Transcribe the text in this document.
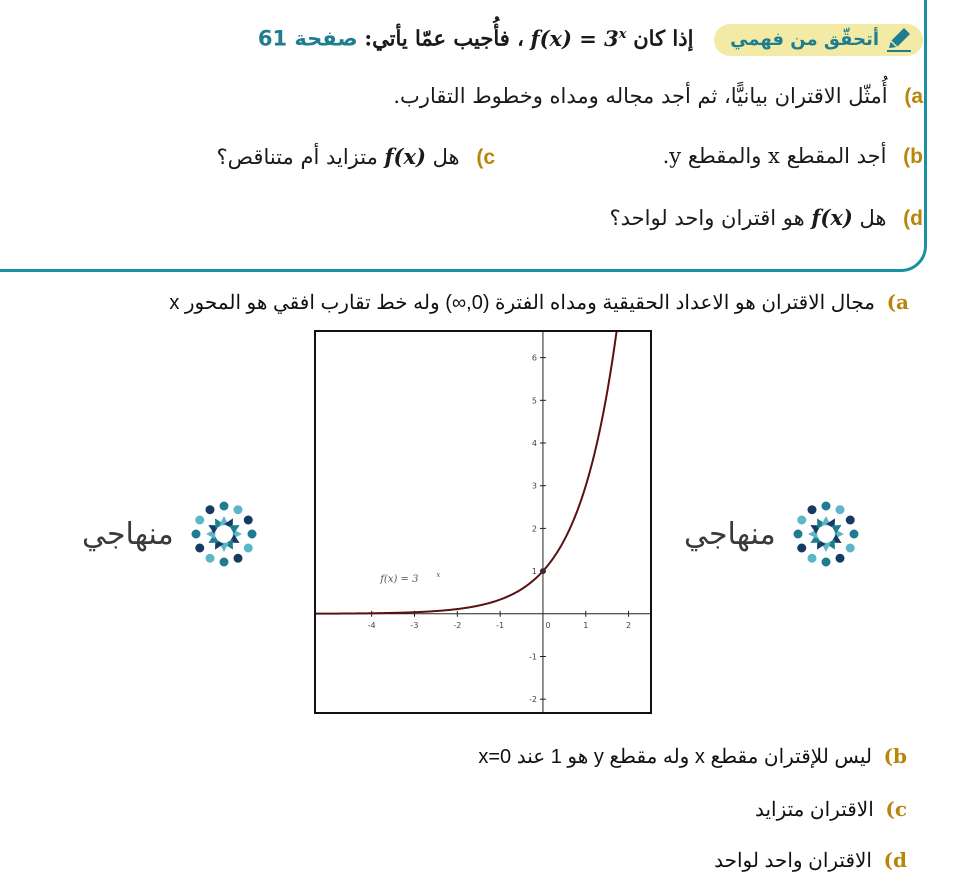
أتحقّق من فهمي
إذا كان $f(x) = 3^x$ ، فأُجيب عمّا يأتي: صفحة 61
a) أُمثّل الاقتران بيانيًّا، ثم أجد مجاله ومداه وخطوط التقارب.
b) أجد المقطع x والمقطع y.
c) هل f(x) متزايد أم متناقص؟
d) هل f(x) هو اقتران واحد لواحد؟
a) مجال الاقتران هو الاعداد الحقيقية ومداه الفترة (0,∞) وله خط تقارب افقي هو المحور x
-4	-3	-2	-1	0	1	2
-2
-1
1
2
3
4
5
6
f(x) = 3	x
منهاجي	منهاجي
b) ليس للإقتران مقطع x وله مقطع y هو 1 عند x=0
c) الاقتران متزايد
d) الاقتران واحد لواحد
